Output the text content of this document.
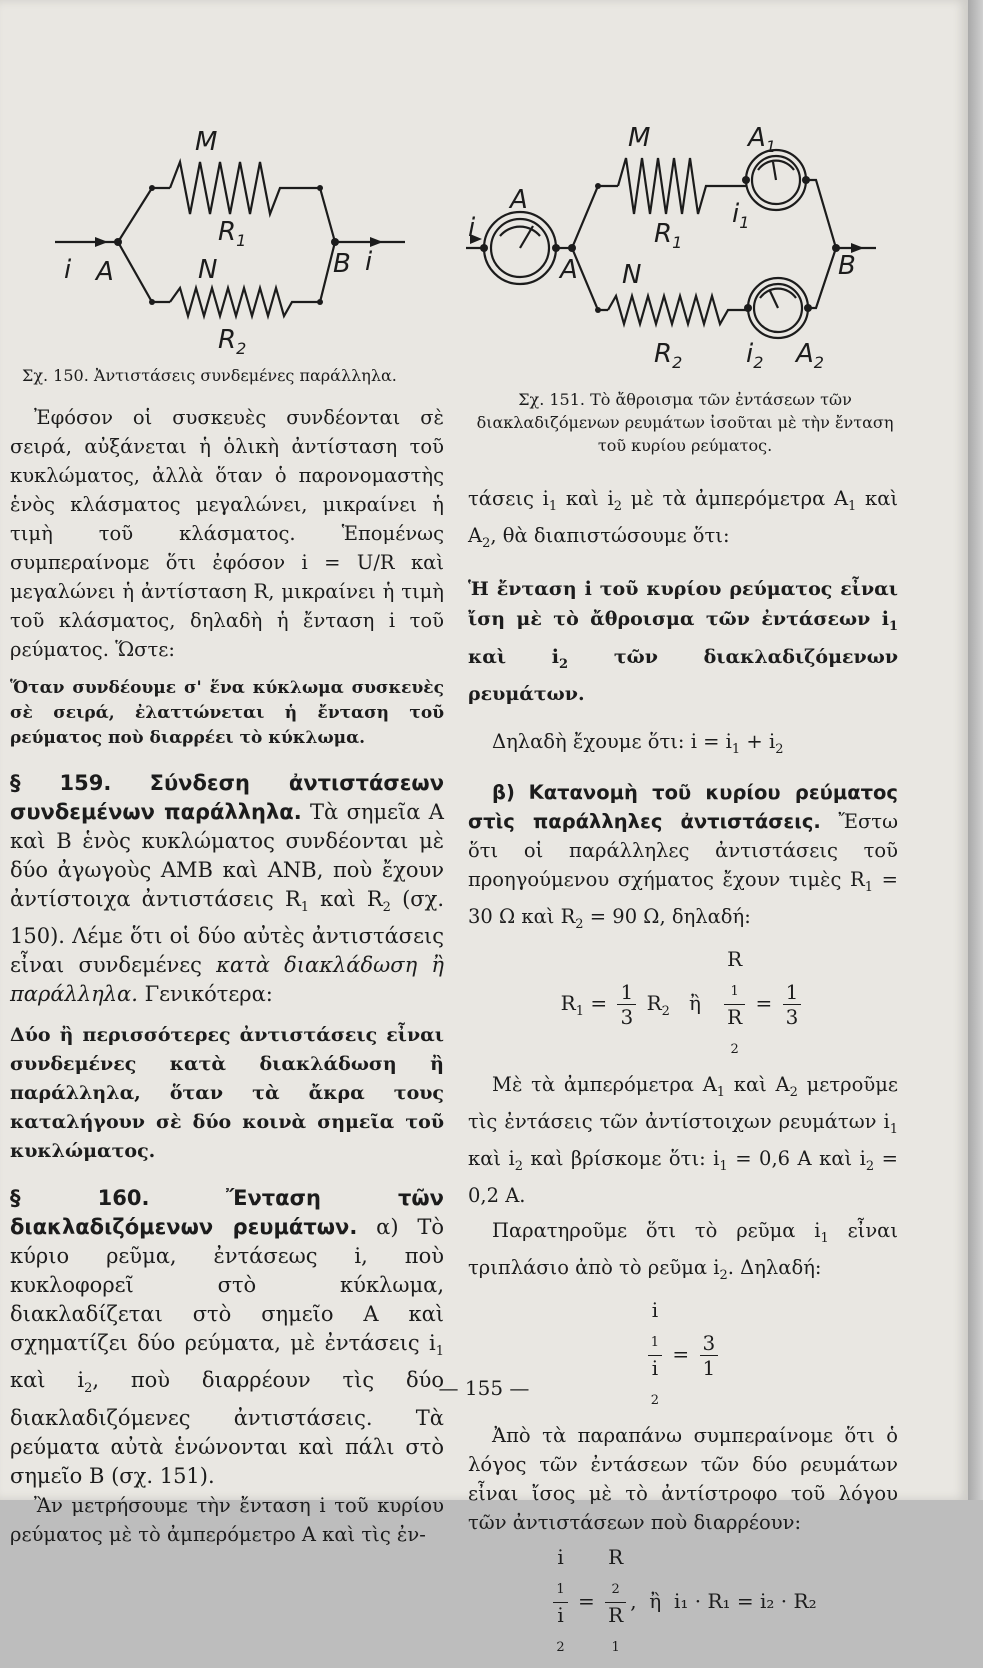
M
N
$R_1$
$R_2$
A	B
i	i
Σχ. 150. Ἀντιστάσεις συνδεμένες παράλληλα.
M
N
A
$A_1$
$A_2$
$R_1$
$R_2$
A	B
i	$i_1$
$i_2$
Σχ. 151. Τὸ ἄθροισμα τῶν ἐντάσεων τῶν διακλαδιζόμενων ρευμάτων ἰσοῦται μὲ τὴν ἔνταση τοῦ κυρίου ρεύματος.

Ἐφόσον οἱ συσκευὲς συνδέονται σὲ σειρά, αὐξάνεται ἡ ὁλικὴ ἀντίσταση τοῦ κυκλώματος, ἀλλὰ ὅταν ὁ παρονομαστὴς ἑνὸς κλάσματος μεγαλώνει, μικραίνει ἡ τιμὴ τοῦ κλάσματος. Ἑπομένως συμπεραίνομε ὅτι ἐφόσον i = U/R καὶ μεγαλώνει ἡ ἀντίσταση R, μικραίνει ἡ τιμὴ τοῦ κλάσματος, δηλαδὴ ἡ ἔνταση i τοῦ ρεύματος. Ὥστε:

Ὅταν συνδέουμε σ' ἕνα κύκλωμα συσκευὲς σὲ σειρά, ἐλαττώνεται ἡ ἔνταση τοῦ ρεύματος ποὺ διαρρέει τὸ κύκλωμα.

§ 159. Σύνδεση ἀντιστάσεων συνδεμένων παράλληλα. Τὰ σημεῖα Α καὶ Β ἑνὸς κυκλώματος συνδέονται μὲ δύο ἀγωγοὺς ΑΜΒ καὶ ΑΝΒ, ποὺ ἔχουν ἀντίστοιχα ἀντιστάσεις $R_1$ καὶ $R_2$ (σχ. 150). Λέμε ὅτι οἱ δύο αὐτὲς ἀντιστάσεις εἶναι συνδεμένες κατὰ διακλάδωση ἢ παράλληλα. Γενικότερα:

Δύο ἢ περισσότερες ἀντιστάσεις εἶναι συνδεμένες κατὰ διακλάδωση ἢ παράλληλα, ὅταν τὰ ἄκρα τους καταλήγουν σὲ δύο κοινὰ σημεῖα τοῦ κυκλώματος.

§ 160.	Ἔνταση τῶν διακλαδιζόμενων ρευμάτων. α) Τὸ κύριο ρεῦμα, ἐντάσεως i, ποὺ κυκλοφορεῖ στὸ κύκλωμα, διακλαδίζεται στὸ σημεῖο Α καὶ σχηματίζει δύο ρεύματα, μὲ ἐντάσεις $i_1$ καὶ $i_2$, ποὺ διαρρέουν τὶς δύο διακλαδιζόμενες ἀντιστάσεις. Τὰ ρεύματα αὐτὰ ἑνώνονται καὶ πάλι στὸ σημεῖο Β (σχ. 151).

Ἂν μετρήσουμε τὴν ἔνταση i τοῦ κυρίου ρεύματος μὲ τὸ ἀμπερόμετρο Α καὶ τὶς ἐν-

τάσεις $i_1$ καὶ $i_2$ μὲ τὰ ἀμπερόμετρα $A_1$ καὶ $A_2$, θὰ διαπιστώσουμε ὅτι:

Ἡ ἔνταση i τοῦ κυρίου ρεύματος εἶναι ἴση μὲ τὸ ἄθροισμα τῶν ἐντάσεων $i_1$ καὶ $i_2$ τῶν διακλαδιζόμενων ρευμάτων.

Δηλαδὴ ἔχουμε ὅτι: $i = i_1 + i_2$

β) Κατανομὴ τοῦ κυρίου ρεύματος στὶς παράλληλες ἀντιστάσεις. Ἔστω ὅτι οἱ παράλληλες ἀντιστάσεις τοῦ προηγούμενου σχήματος ἔχουν τιμὲς $R_1 = 30$ Ω καὶ $R_2 = 90$ Ω, δηλαδή:

$R_1 = \frac{1}{3} R_2$ ἢ R
$_1$
R
$_2 = \frac{1}{3}$

Μὲ τὰ ἀμπερόμετρα $A_1$ καὶ $A_2$ μετροῦμε τὶς ἐντάσεις τῶν ἀντίστοιχων ρευμάτων $i_1$ καὶ $i_2$ καὶ βρίσκομε ὅτι: $i_1 = 0,6$ A καὶ $i_2 = 0,2$ A.

Παρατηροῦμε ὅτι τὸ ρεῦμα $i_1$ εἶναι τριπλάσιο ἀπὸ τὸ ρεῦμα $i_2$. Δηλαδή:

i
$_1$
i
$_2 = \frac{3}{1}$

Ἀπὸ τὰ παραπάνω συμπεραίνομε ὅτι ὁ λόγος τῶν ἐντάσεων τῶν δύο ρευμάτων εἶναι ἴσος μὲ τὸ ἀντίστροφο τοῦ λόγου τῶν ἀντιστάσεων ποὺ διαρρέουν:

i
$_1$
i
$_2$ = R
$_2$
R
$_1$ ,  ἢ i₁ · R₁ = i₂ · R₂
— 155 —
